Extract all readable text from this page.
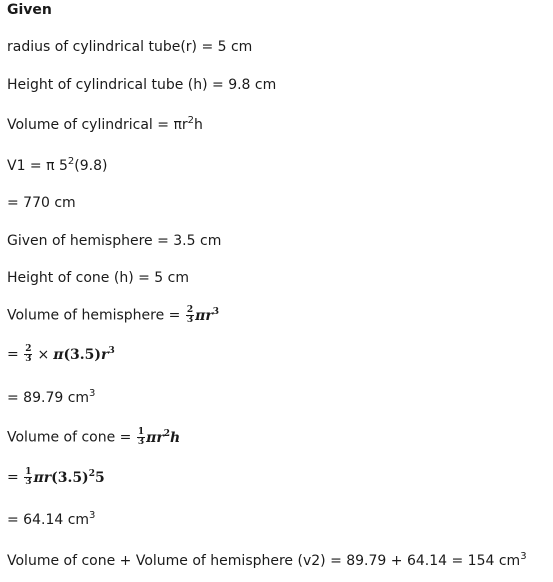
Given
radius of cylindrical tube(r) = 5 cm
Height of cylindrical tube (h) = 9.8 cm
Volume of cylindrical = $\pi r^2h$
V1 = π $5^2(9.8)$
= 770 cm
Given of hemisphere = 3.5 cm
Height of cone (h) = 5 cm
Volume of hemisphere = $\frac{2}{3} \pi r^3$
= $\frac{2}{3} \times \pi(3.5)r^3$
= 89.79 $cm^3$
Volume of cone = $\frac{1}{3} \pi r^2h$
= $\frac{1}{3} \pi r(3.5)^25$
= 64.14 $cm^3$
Volume of cone + Volume of hemisphere (v2) = 89.79 + 64.14 = 154 $cm^3$
